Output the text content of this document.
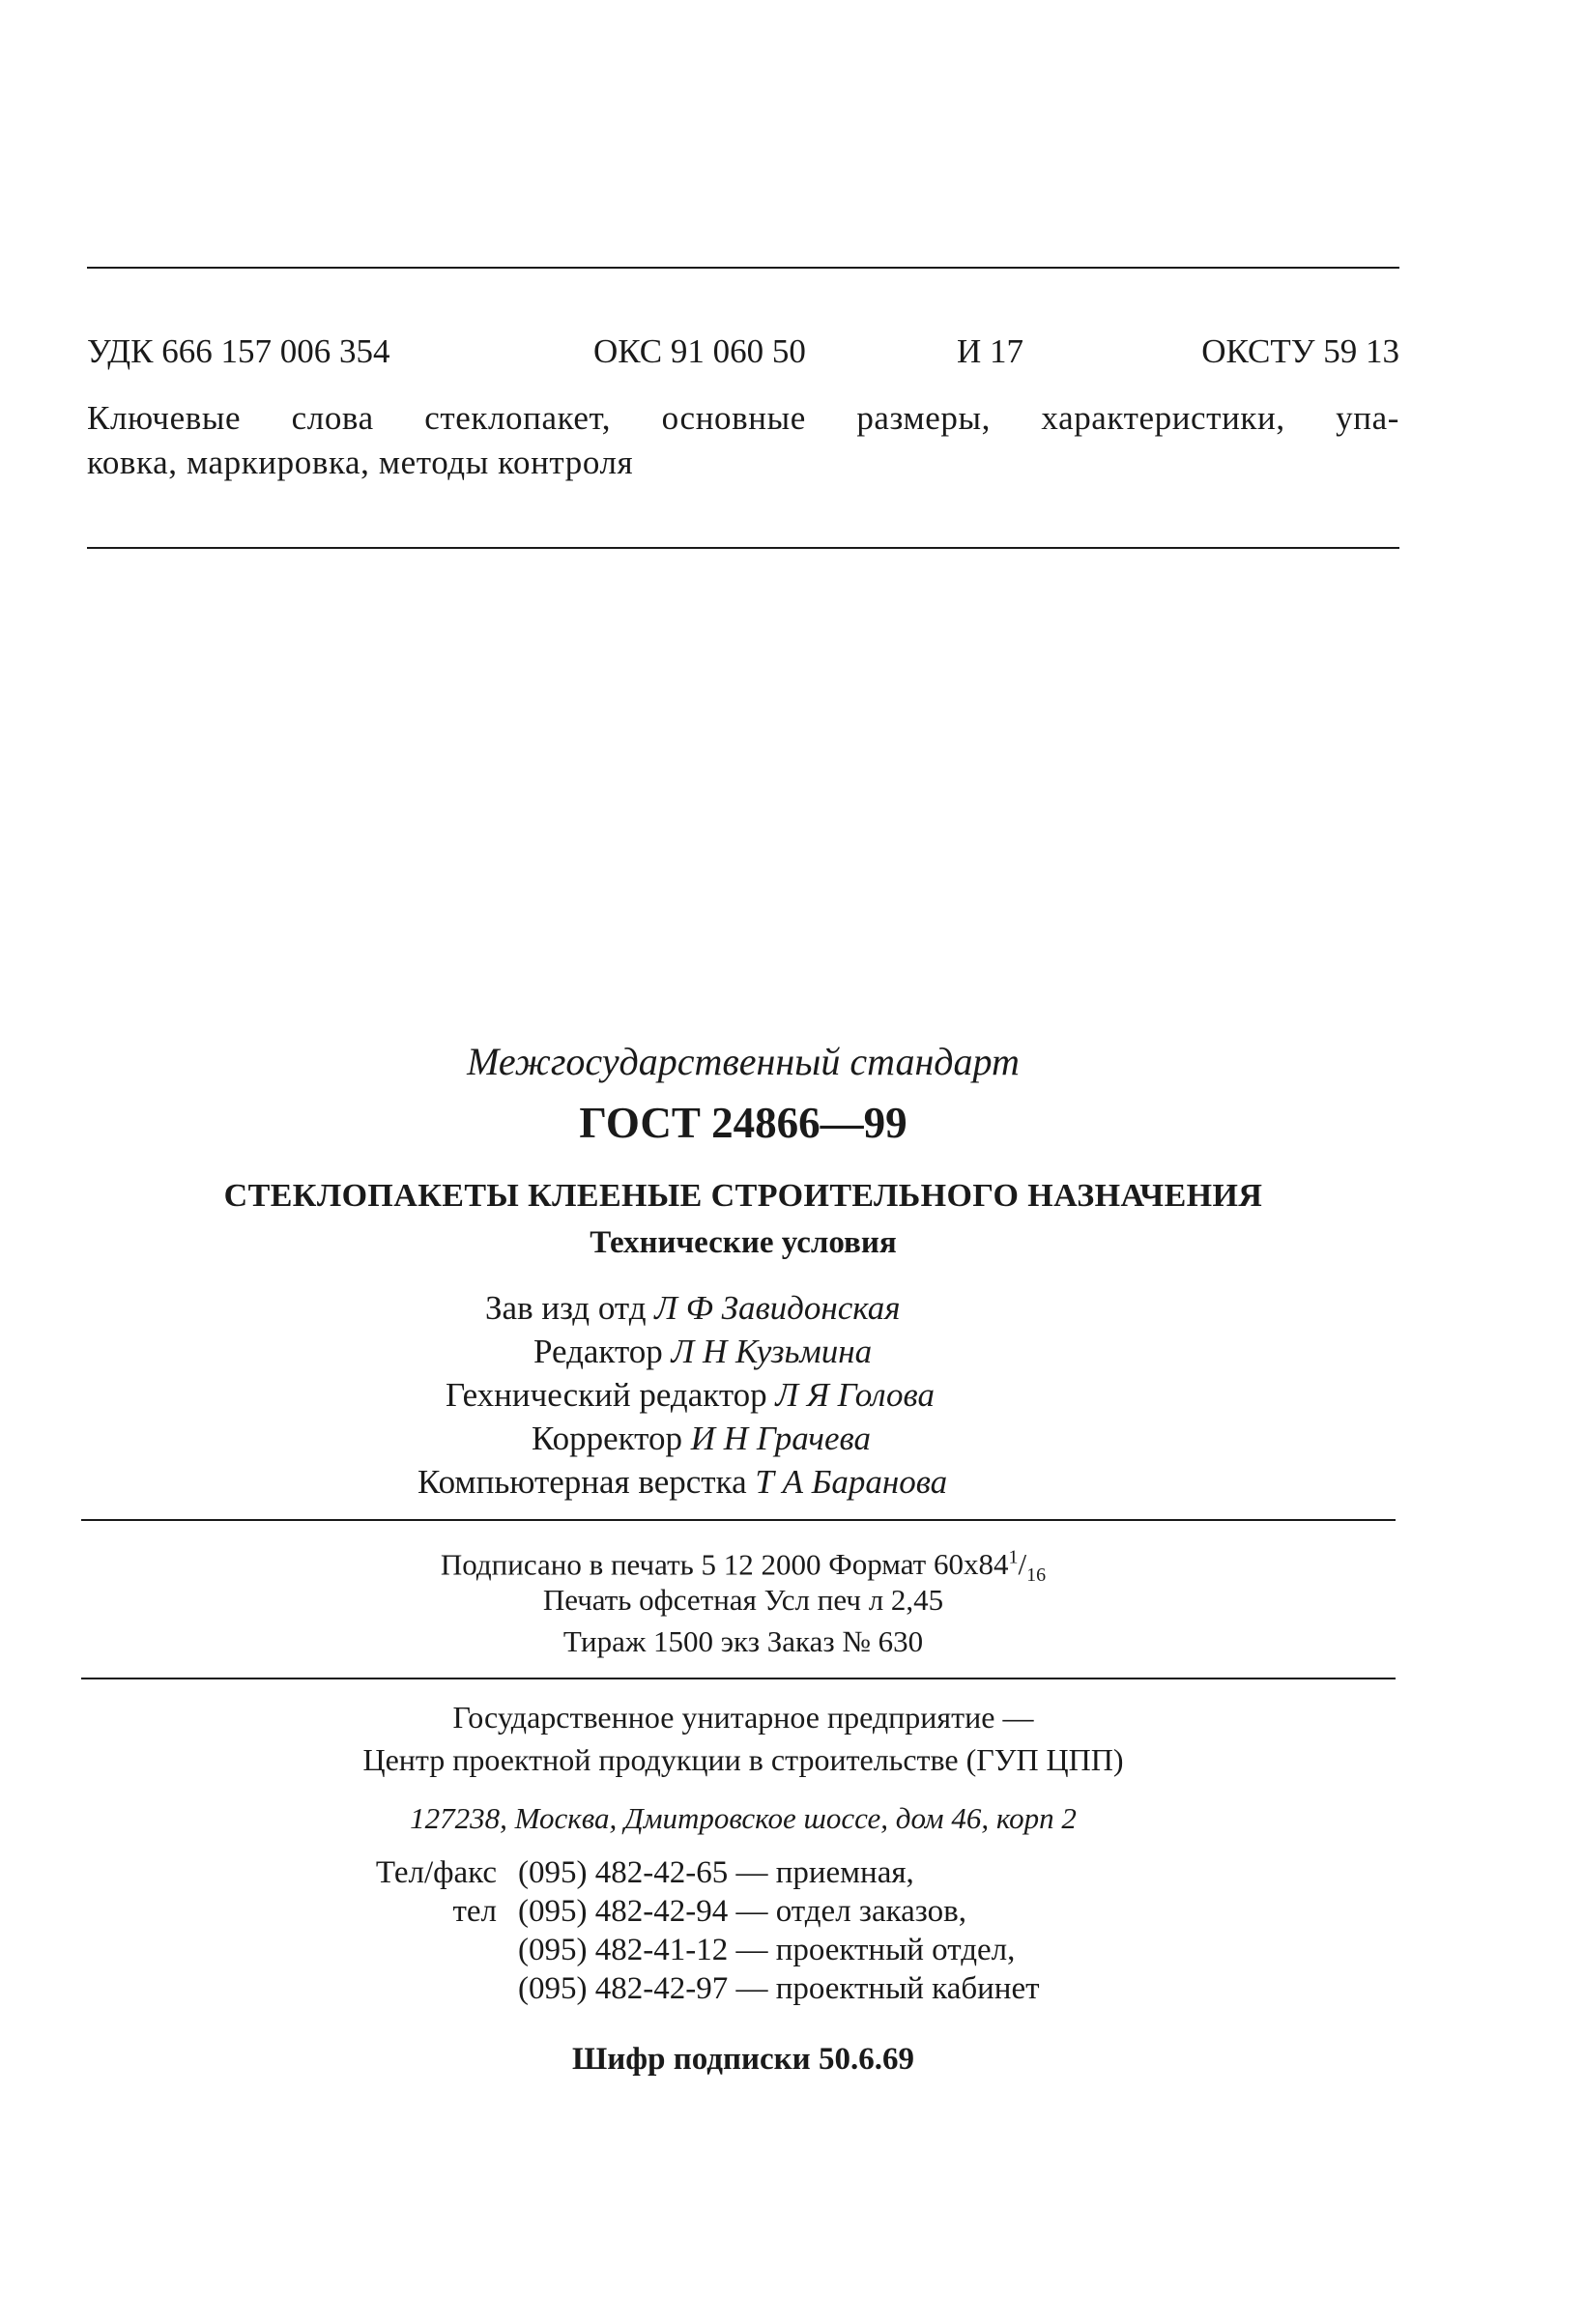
УДК 666 157 006 354	ОКС 91 060 50	И 17	ОКСТУ 59 13
Ключевые слова стеклопакет, основные размеры, характеристики, упа-
ковка, маркировка, методы контроля
Межгосударственный стандарт
ГОСТ 24866—99
СТЕКЛОПАКЕТЫ КЛЕЕНЫЕ СТРОИТЕЛЬНОГО НАЗНАЧЕНИЯ
Технические условия
Зав изд отд Л Ф Завидонская
Редактор Л Н Кузьмина
Гехнический редактор Л Я Голова
Корректор И Н Грачева
Компьютерная верстка Т А Баранова
Подписано в печать 5 12 2000 Формат $60х84^1/_{16}$
Печать офсетная Усл печ л 2,45
Тираж 1500 экз Заказ № 630
Государственное унитарное предприятие —
Центр проектной продукции в строительстве (ГУП ЦПП)
127238, Москва, Дмитровское шоссе, дом 46, корп 2
Тел/факс (095) 482-42-65 — приемная,
тел (095) 482-42-94 — отдел заказов,
(095) 482-41-12 — проектный отдел,
(095) 482-42-97 — проектный кабинет
Шифр подписки 50.6.69
